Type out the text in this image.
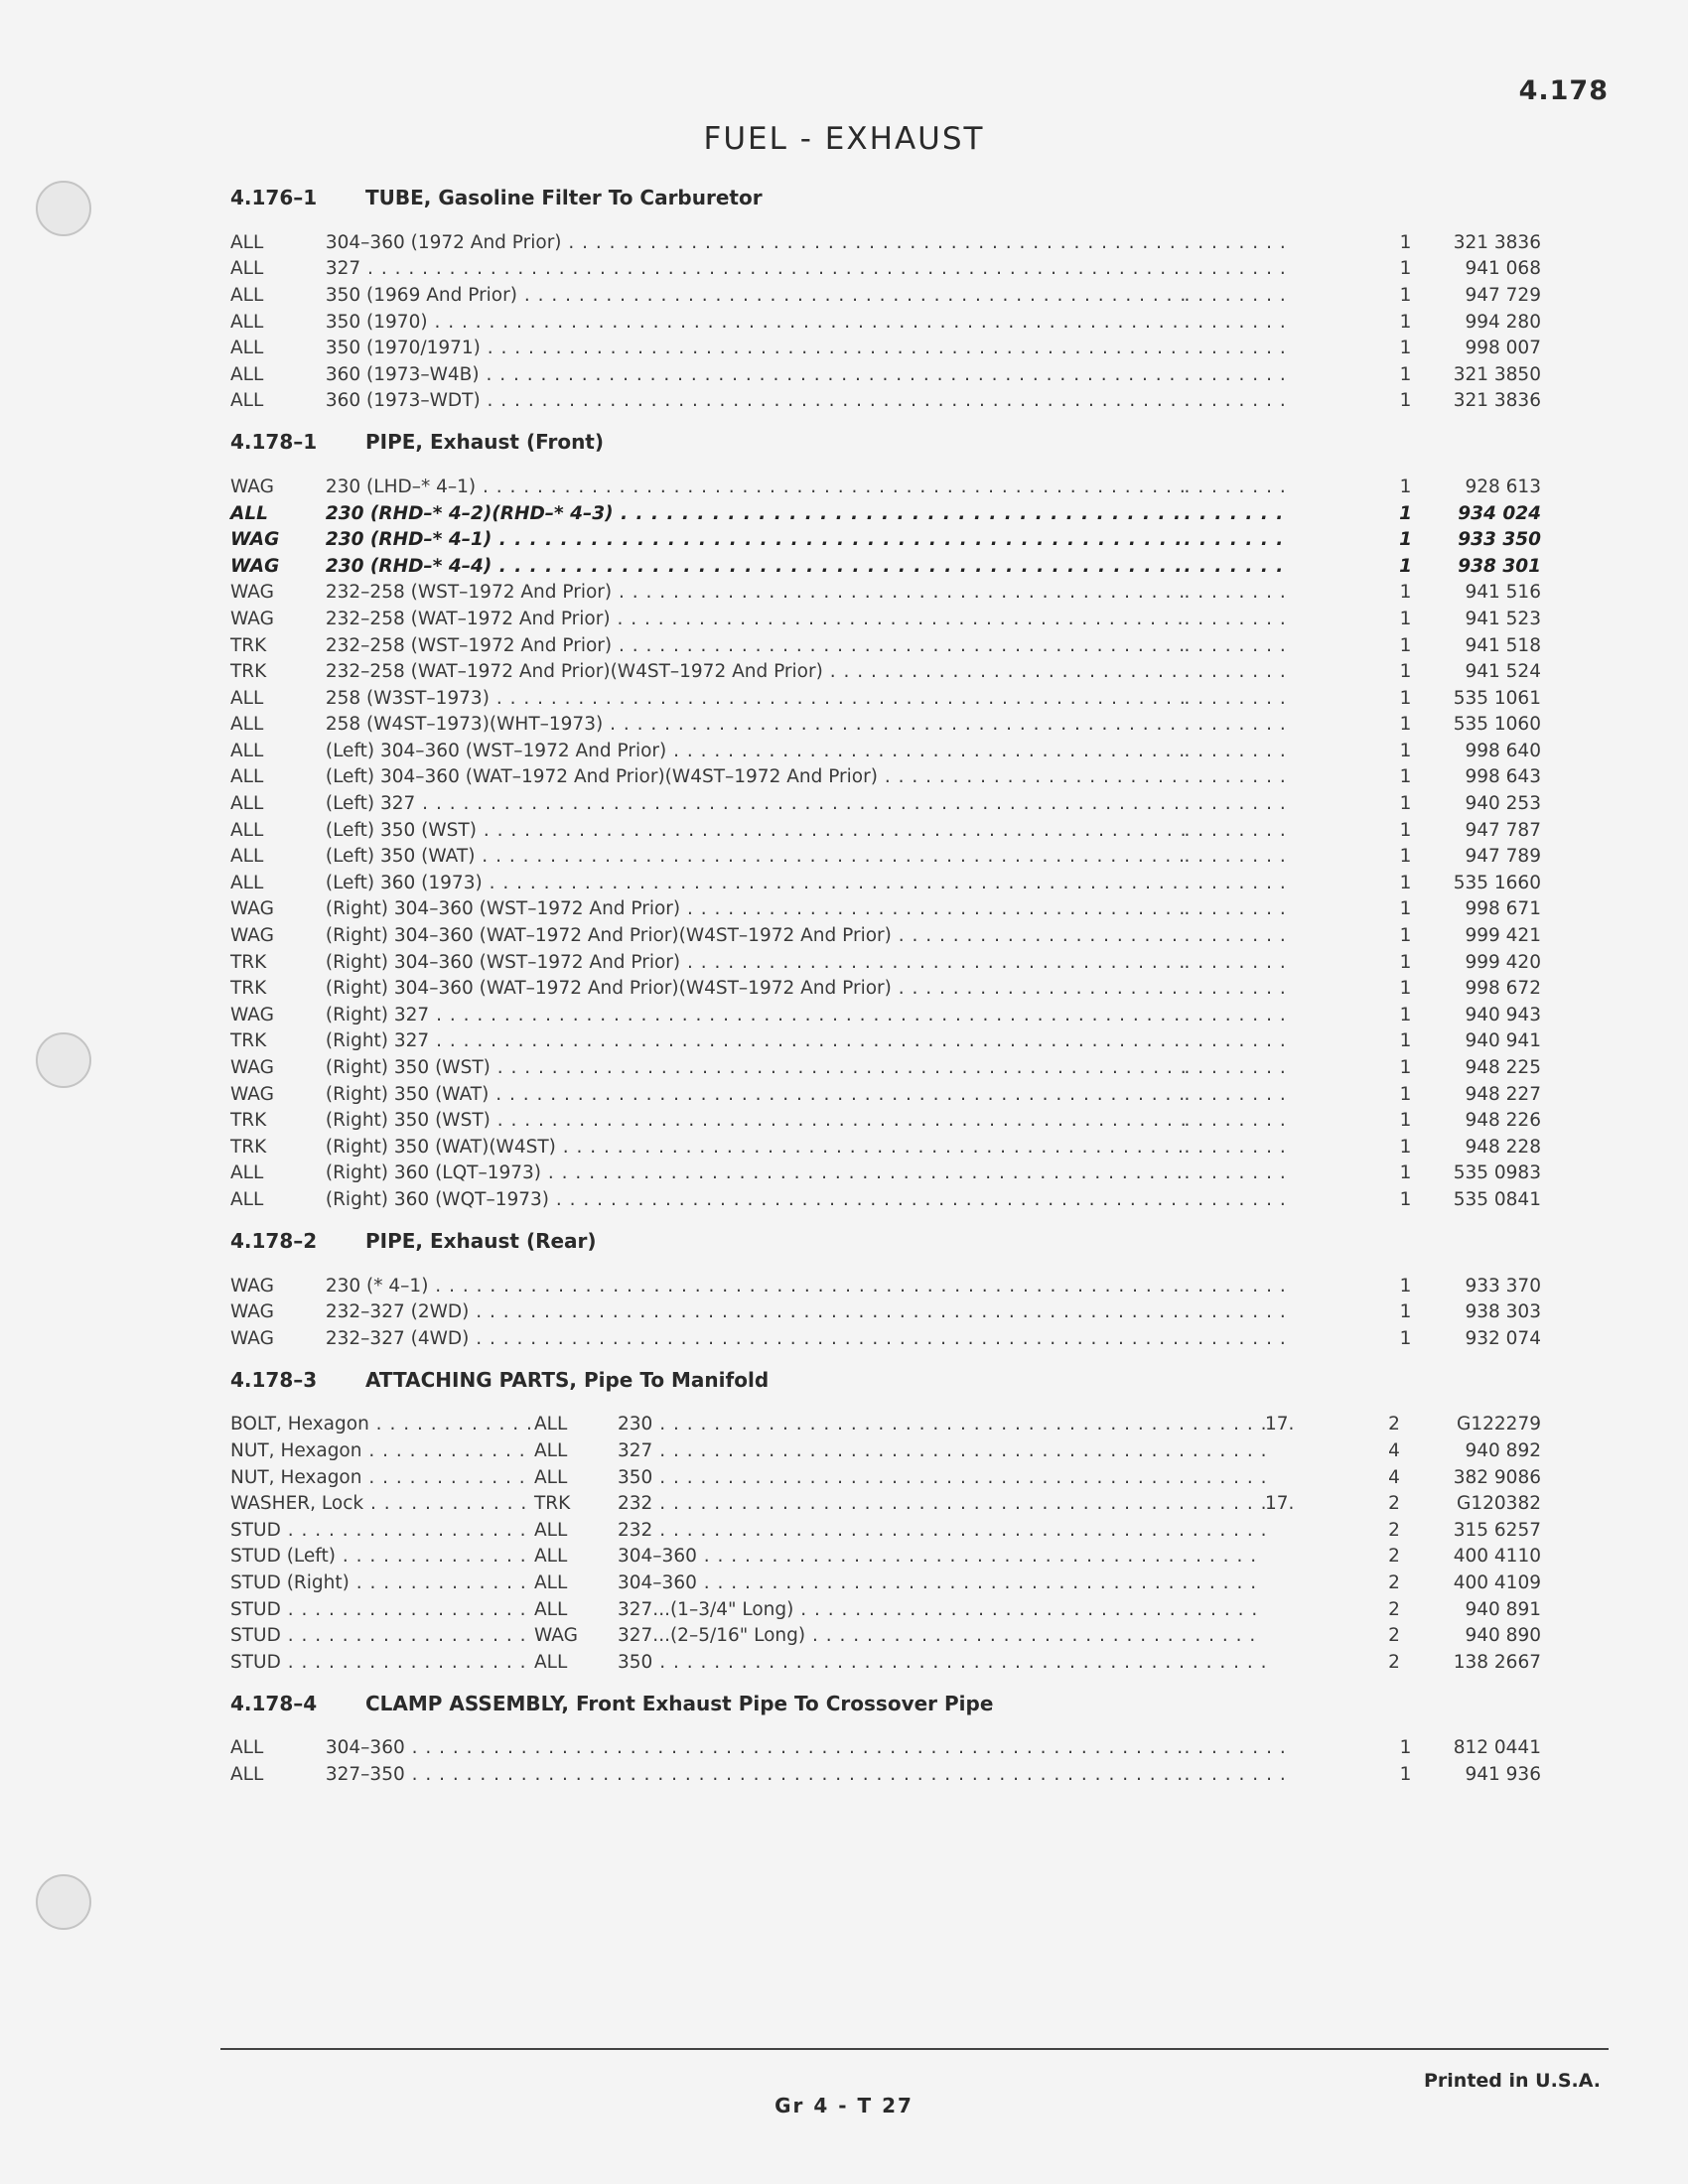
4.178
FUEL - EXHAUST
4.176–1	TUBE, Gasoline Filter To Carburetor
ALL	304–360 (1972 And Prior) . . . . . .	1	321 3836
ALL	327 . . . . . .	1	941 068
ALL	350 (1969 And Prior) . . . . . .	1	947 729
ALL	350 (1970) . . . . . .	1	994 280
ALL	350 (1970/1971) . . . . . .	1	998 007
ALL	360 (1973–W4B) . . . . . .	1	321 3850
ALL	360 (1973–WDT) . . . . . .	1	321 3836
4.178–1	PIPE, Exhaust (Front)
WAG	230 (LHD–* 4–1) . . . . . .	1	928 613
ALL	230 (RHD–* 4–2)(RHD–* 4–3) . . . . . .	1	934 024
WAG	230 (RHD–* 4–1) . . . . . .	1	933 350
WAG	230 (RHD–* 4–4) . . . . . .	1	938 301
WAG	232–258 (WST–1972 And Prior) . . . . . .	1	941 516
WAG	232–258 (WAT–1972 And Prior) . . . . . .	1	941 523
TRK	232–258 (WST–1972 And Prior) . . . . . .	1	941 518
TRK	232–258 (WAT–1972 And Prior)(W4ST–1972 And Prior) . . . . . .	1	941 524
ALL	258 (W3ST–1973) . . . . . .	1	535 1061
ALL	258 (W4ST–1973)(WHT–1973) . . . . . .	1	535 1060
ALL	(Left) 304–360 (WST–1972 And Prior) . . . . . .	1	998 640
ALL	(Left) 304–360 (WAT–1972 And Prior)(W4ST–1972 And Prior) . . . . . .	1	998 643
ALL	(Left) 327 . . . . . .	1	940 253
ALL	(Left) 350 (WST) . . . . . .	1	947 787
ALL	(Left) 350 (WAT) . . . . . .	1	947 789
ALL	(Left) 360 (1973) . . . . . .	1	535 1660
WAG	(Right) 304–360 (WST–1972 And Prior) . . . . . .	1	998 671
WAG	(Right) 304–360 (WAT–1972 And Prior)(W4ST–1972 And Prior) . . . . . .	1	999 421
TRK	(Right) 304–360 (WST–1972 And Prior) . . . . . .	1	999 420
TRK	(Right) 304–360 (WAT–1972 And Prior)(W4ST–1972 And Prior) . . . . . .	1	998 672
WAG	(Right) 327 . . . . . .	1	940 943
TRK	(Right) 327 . . . . . .	1	940 941
WAG	(Right) 350 (WST) . . . . . .	1	948 225
WAG	(Right) 350 (WAT) . . . . . .	1	948 227
TRK	(Right) 350 (WST) . . . . . .	1	948 226
TRK	(Right) 350 (WAT)(W4ST) . . . . . .	1	948 228
ALL	(Right) 360 (LQT–1973) . . . . . .	1	535 0983
ALL	(Right) 360 (WQT–1973) . . . . . .	1	535 0841
4.178–2	PIPE, Exhaust (Rear)
WAG	230 (* 4–1) . . . . . .	1	933 370
WAG	232–327 (2WD) . . . . . .	1	938 303
WAG	232–327 (4WD) . . . . . .	1	932 074
4.178–3	ATTACHING PARTS, Pipe To Manifold
BOLT, Hexagon . . .	ALL	230 . . .	17.	2	G122279
NUT, Hexagon . . .	ALL	327 . . .	4	940 892
NUT, Hexagon . . .	ALL	350 . . .	4	382 9086
WASHER, Lock . . .	TRK	232 . . .	17.	2	G120382
STUD . . .	ALL	232 . . .	2	315 6257
STUD (Left) . . .	ALL	304–360 . . .	2	400 4110
STUD (Right) . . .	ALL	304–360 . . .	2	400 4109
STUD . . .	ALL	327...(1–3/4" Long) . . .	2	940 891
STUD . . .	WAG	327...(2–5/16" Long) . . .	2	940 890
STUD . . .	ALL	350 . . .	2	138 2667
4.178–4	CLAMP ASSEMBLY, Front Exhaust Pipe To Crossover Pipe
ALL	304–360 . . . . . .	1	812 0441
ALL	327–350 . . . . . .	1	941 936
Printed in U.S.A.
Gr 4 - T 27
